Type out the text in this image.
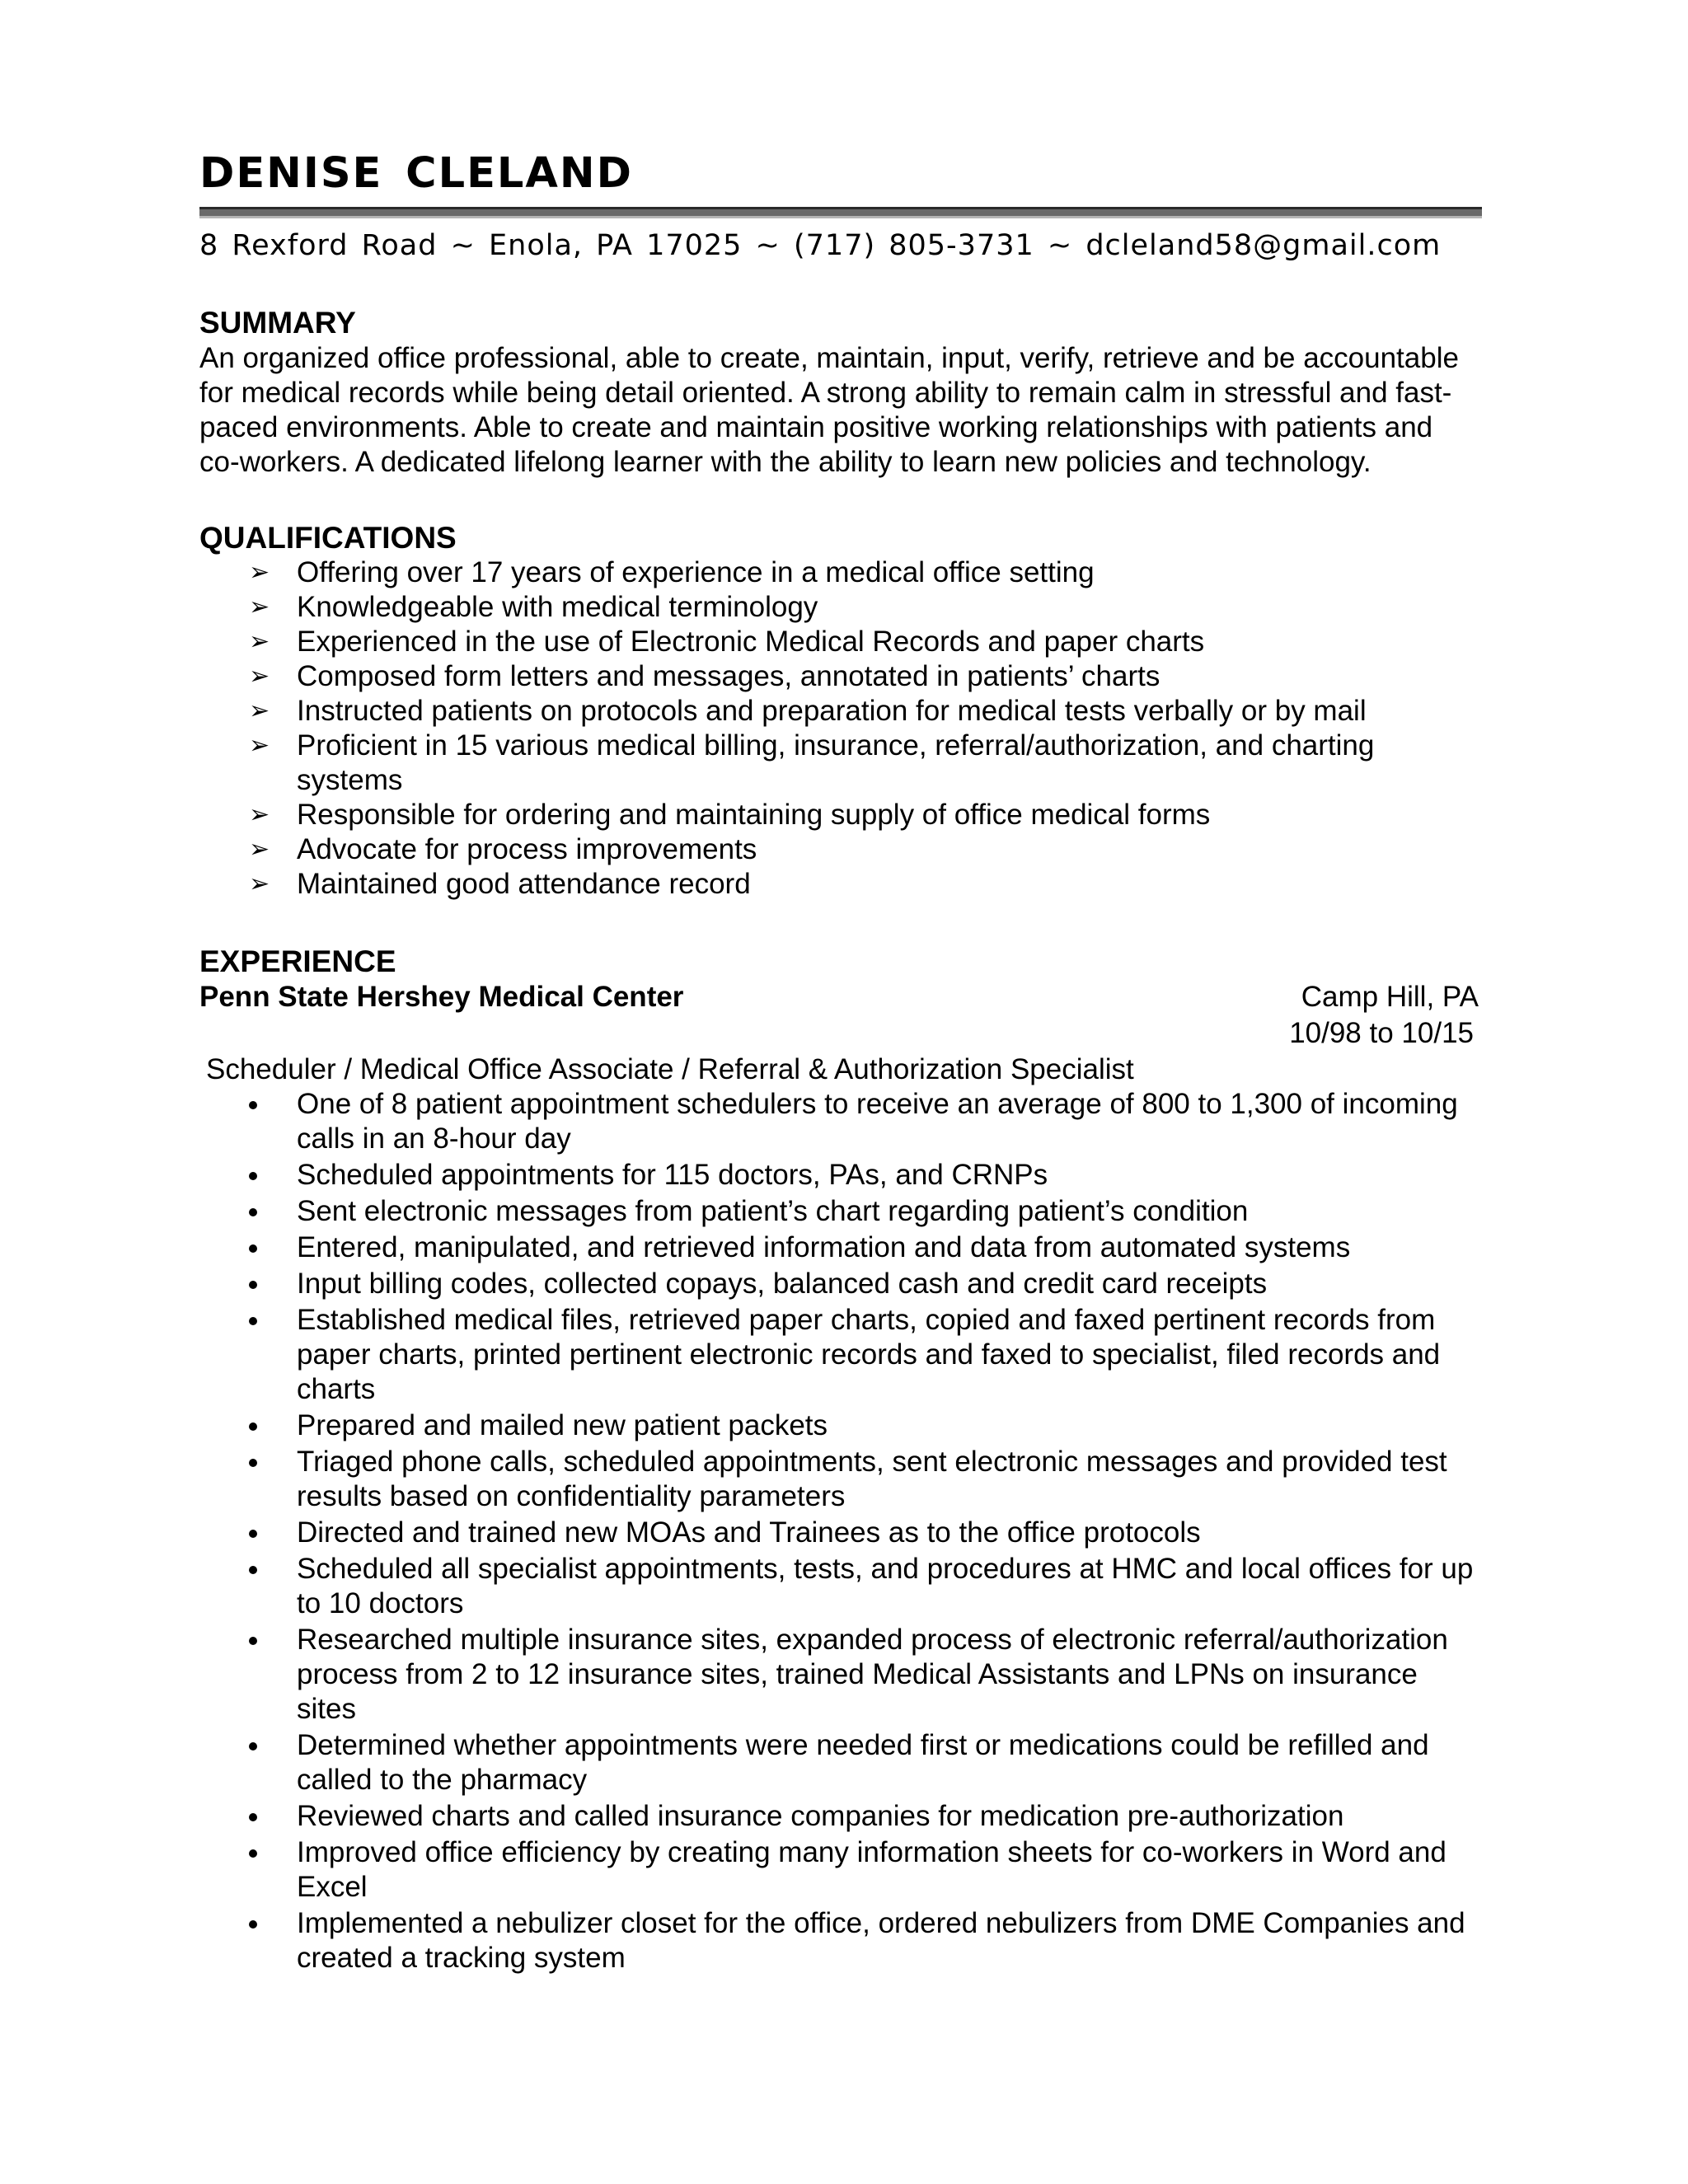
DENISE CLELAND
8 Rexford Road ~ Enola, PA 17025 ~ (717) 805-3731 ~ dcleland58@gmail.com
SUMMARY

An organized office professional, able to create, maintain, input, verify, retrieve and be accountable for medical records while being detail oriented. A strong ability to remain calm in stressful and fast-paced environments. Able to create and maintain positive working relationships with patients and co-workers. A dedicated lifelong learner with the ability to learn new policies and technology.

QUALIFICATIONS
➢ Offering over 17 years of experience in a medical office setting
➢ Knowledgeable with medical terminology
➢ Experienced in the use of Electronic Medical Records and paper charts
➢ Composed form letters and messages, annotated in patients’ charts
➢ Instructed patients on protocols and preparation for medical tests verbally or by mail
➢ Proficient in 15 various medical billing, insurance, referral/authorization, and charting systems
➢ Responsible for ordering and maintaining supply of office medical forms
➢ Advocate for process improvements
➢ Maintained good attendance record
EXPERIENCE
Penn State Hershey Medical Center	Camp Hill, PA
10/98 to 10/15

Scheduler / Medical Office Associate / Referral & Authorization Specialist

One of 8 patient appointment schedulers to receive an average of 800 to 1,300 of incoming calls in an 8-hour day
Scheduled appointments for 115 doctors, PAs, and CRNPs
Sent electronic messages from patient’s chart regarding patient’s condition
Entered, manipulated, and retrieved information and data from automated systems
Input billing codes, collected copays, balanced cash and credit card receipts
Established medical files, retrieved paper charts, copied and faxed pertinent records from paper charts, printed pertinent electronic records and faxed to specialist, filed records and charts
Prepared and mailed new patient packets
Triaged phone calls, scheduled appointments, sent electronic messages and provided test results based on confidentiality parameters
Directed and trained new MOAs and Trainees as to the office protocols
Scheduled all specialist appointments, tests, and procedures at HMC and local offices for up to 10 doctors
Researched multiple insurance sites, expanded process of electronic referral/authorization process from 2 to 12 insurance sites, trained Medical Assistants and LPNs on insurance sites
Determined whether appointments were needed first or medications could be refilled and called to the pharmacy
Reviewed charts and called insurance companies for medication pre-authorization
Improved office efficiency by creating many information sheets for co-workers in Word and Excel
Implemented a nebulizer closet for the office, ordered nebulizers from DME Companies and created a tracking system
